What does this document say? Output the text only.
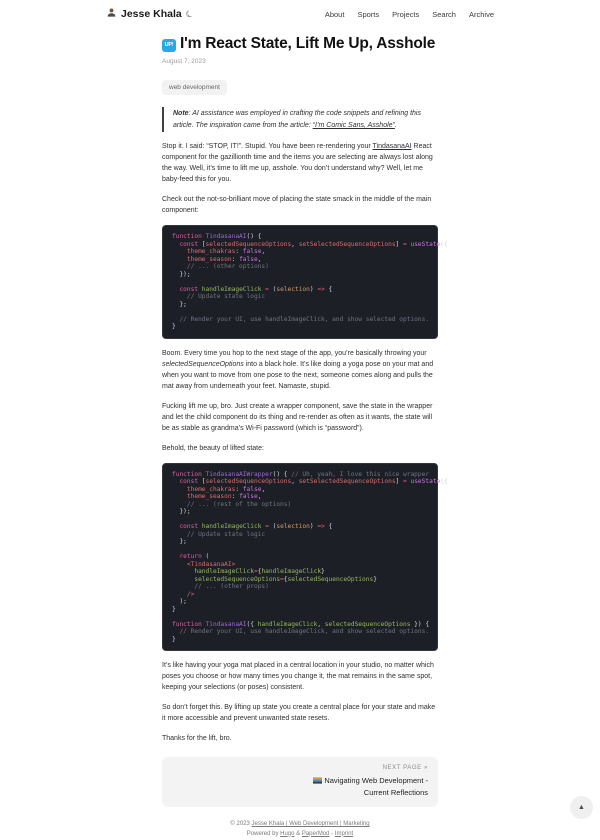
Jesse Khala ☾	About Sports Projects Search Archive
UP! I'm React State, Lift Me Up, Asshole
August 7, 2023
web development
Note: AI assistance was employed in crafting the code snippets and refining this article. The inspiration came from the article: “I’m Comic Sans, Asshole”.

Stop it. I said: “STOP, IT!”. Stupid. You have been re-rendering your TindasanaAI React component for the gazillionth time and the items you are selecting are always lost along the way. Well, it’s time to lift me up, asshole. You don’t understand why? Well, let me baby-feed this for you.

Check out the not-so-brilliant move of placing the state smack in the middle of the main component:

function TindasanaAI() {
const [selectedSequenceOptions, setSelectedSequenceOptions] = useState({
theme_chakras: false,
theme_season: false,
// ... (other options)
});

const handleImageClick = (selection) => {
// Update state logic
};

// Render your UI, use handleImageClick, and show selected options.
}

Boom. Every time you hop to the next stage of the app, you’re basically throwing your selectedSequenceOptions into a black hole. It’s like doing a yoga pose on your mat and when you want to move from one pose to the next, someone comes along and pulls the mat away from underneath your feet. Namaste, stupid.

Fucking lift me up, bro. Just create a wrapper component, save the state in the wrapper and let the child component do its thing and re-render as often as it wants, the state will be as stable as grandma’s Wi-Fi password (which is “password”).

Behold, the beauty of lifted state:

function TindasanaAIWrapper() { // Uh, yeah, I love this nice wrapper
const [selectedSequenceOptions, setSelectedSequenceOptions] = useState({
theme_chakras: false,
theme_season: false,
// ... (rest of the options)
});

const handleImageClick = (selection) => {
// Update state logic
};

return (
<TindasanaAI>
handleImageClick={handleImageClick}
selectedSequenceOptions={selectedSequenceOptions}
// ... (other props)
/>
);
}

function TindasanaAI({ handleImageClick, selectedSequenceOptions }) {
// Render your UI, use handleImageClick, and show selected options.
}

It’s like having your yoga mat placed in a central location in your studio, no matter which poses you choose or how many times you change it, the mat remains in the same spot, keeping your selections (or poses) consistent.

So don’t forget this. By lifting up state you create a central place for your state and make it more accessible and prevent unwanted state resets.

Thanks for the lift, bro.

NEXT PAGE »
Navigating Web Development - Current Reflections
© 2023 Jesse Khala | Web Development | Marketing
Powered by Hugo & PaperMod - Imprint
▲
